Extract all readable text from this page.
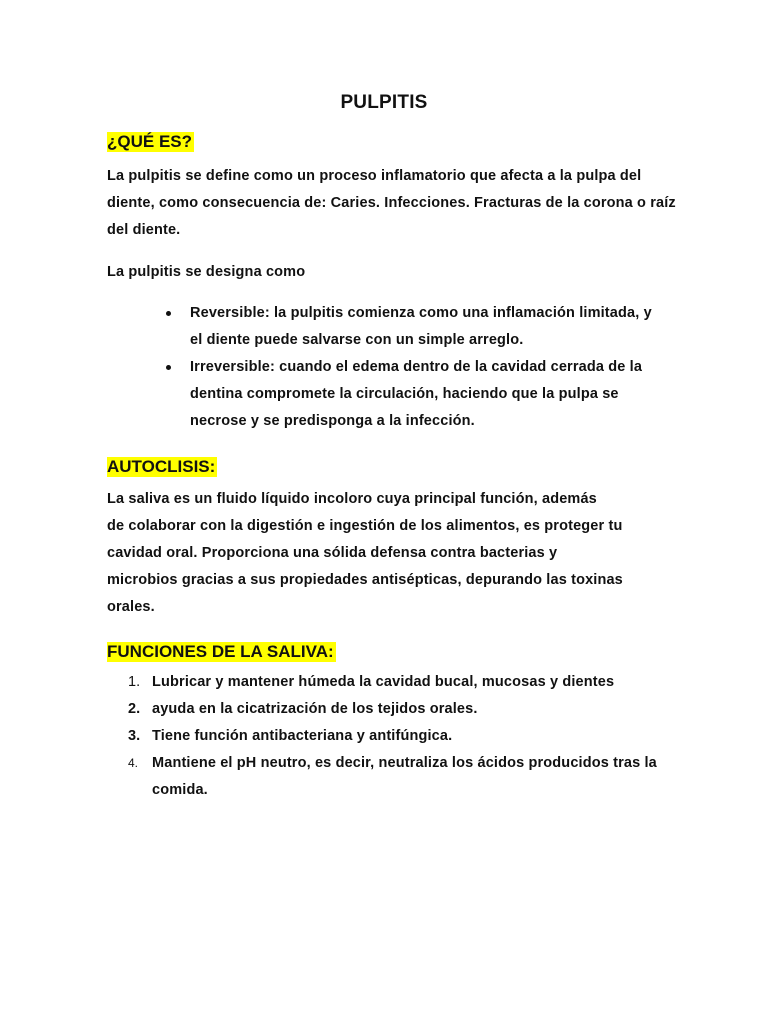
PULPITIS
¿QUÉ ES?

La pulpitis se define como un proceso inflamatorio que afecta a la pulpa del diente, como consecuencia de: Caries. Infecciones. Fracturas de la corona o raíz del diente.

La pulpitis se designa como

Reversible: la pulpitis comienza como una inflamación limitada, y el diente puede salvarse con un simple arreglo.
Irreversible: cuando el edema dentro de la cavidad cerrada de la dentina compromete la circulación, haciendo que la pulpa se necrose y se predisponga a la infección.
AUTOCLISIS:
La saliva es un fluido líquido incoloro cuya principal función, además
de colaborar con la digestión e ingestión de los alimentos, es proteger tu
cavidad oral. Proporciona una sólida defensa contra bacterias y
microbios gracias a sus propiedades antisépticas, depurando las toxinas
orales.
FUNCIONES DE LA SALIVA:
1. Lubricar y mantener húmeda la cavidad bucal, mucosas y dientes
2. ayuda en la cicatrización de los tejidos orales.
3. Tiene función antibacteriana y antifúngica.
4. Mantiene el pH neutro, es decir, neutraliza los ácidos producidos tras la comida.
